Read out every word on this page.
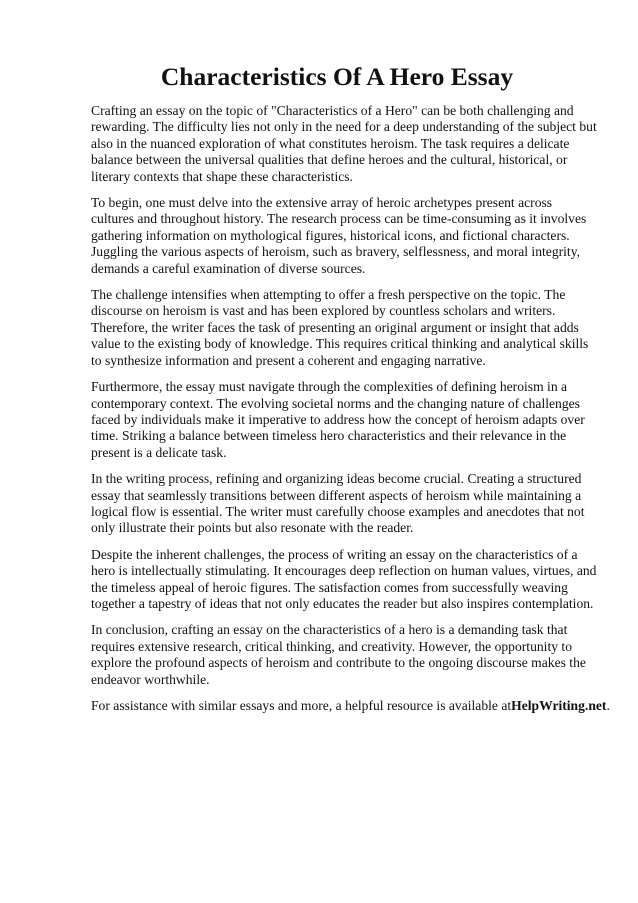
Characteristics Of A Hero Essay

Crafting an essay on the topic of "Characteristics of a Hero" can be both challenging and rewarding. The difficulty lies not only in the need for a deep understanding of the subject but also in the nuanced exploration of what constitutes heroism. The task requires a delicate balance between the universal qualities that define heroes and the cultural, historical, or literary contexts that shape these characteristics.

To begin, one must delve into the extensive array of heroic archetypes present across cultures and throughout history. The research process can be time-consuming as it involves gathering information on mythological figures, historical icons, and fictional characters. Juggling the various aspects of heroism, such as bravery, selflessness, and moral integrity, demands a careful examination of diverse sources.

The challenge intensifies when attempting to offer a fresh perspective on the topic. The discourse on heroism is vast and has been explored by countless scholars and writers. Therefore, the writer faces the task of presenting an original argument or insight that adds value to the existing body of knowledge. This requires critical thinking and analytical skills to synthesize information and present a coherent and engaging narrative.

Furthermore, the essay must navigate through the complexities of defining heroism in a contemporary context. The evolving societal norms and the changing nature of challenges faced by individuals make it imperative to address how the concept of heroism adapts over time. Striking a balance between timeless hero characteristics and their relevance in the present is a delicate task.

In the writing process, refining and organizing ideas become crucial. Creating a structured essay that seamlessly transitions between different aspects of heroism while maintaining a logical flow is essential. The writer must carefully choose examples and anecdotes that not only illustrate their points but also resonate with the reader.

Despite the inherent challenges, the process of writing an essay on the characteristics of a hero is intellectually stimulating. It encourages deep reflection on human values, virtues, and the timeless appeal of heroic figures. The satisfaction comes from successfully weaving together a tapestry of ideas that not only educates the reader but also inspires contemplation.

In conclusion, crafting an essay on the characteristics of a hero is a demanding task that requires extensive research, critical thinking, and creativity. However, the opportunity to explore the profound aspects of heroism and contribute to the ongoing discourse makes the endeavor worthwhile.

For assistance with similar essays and more, a helpful resource is available atHelpWriting.net.
